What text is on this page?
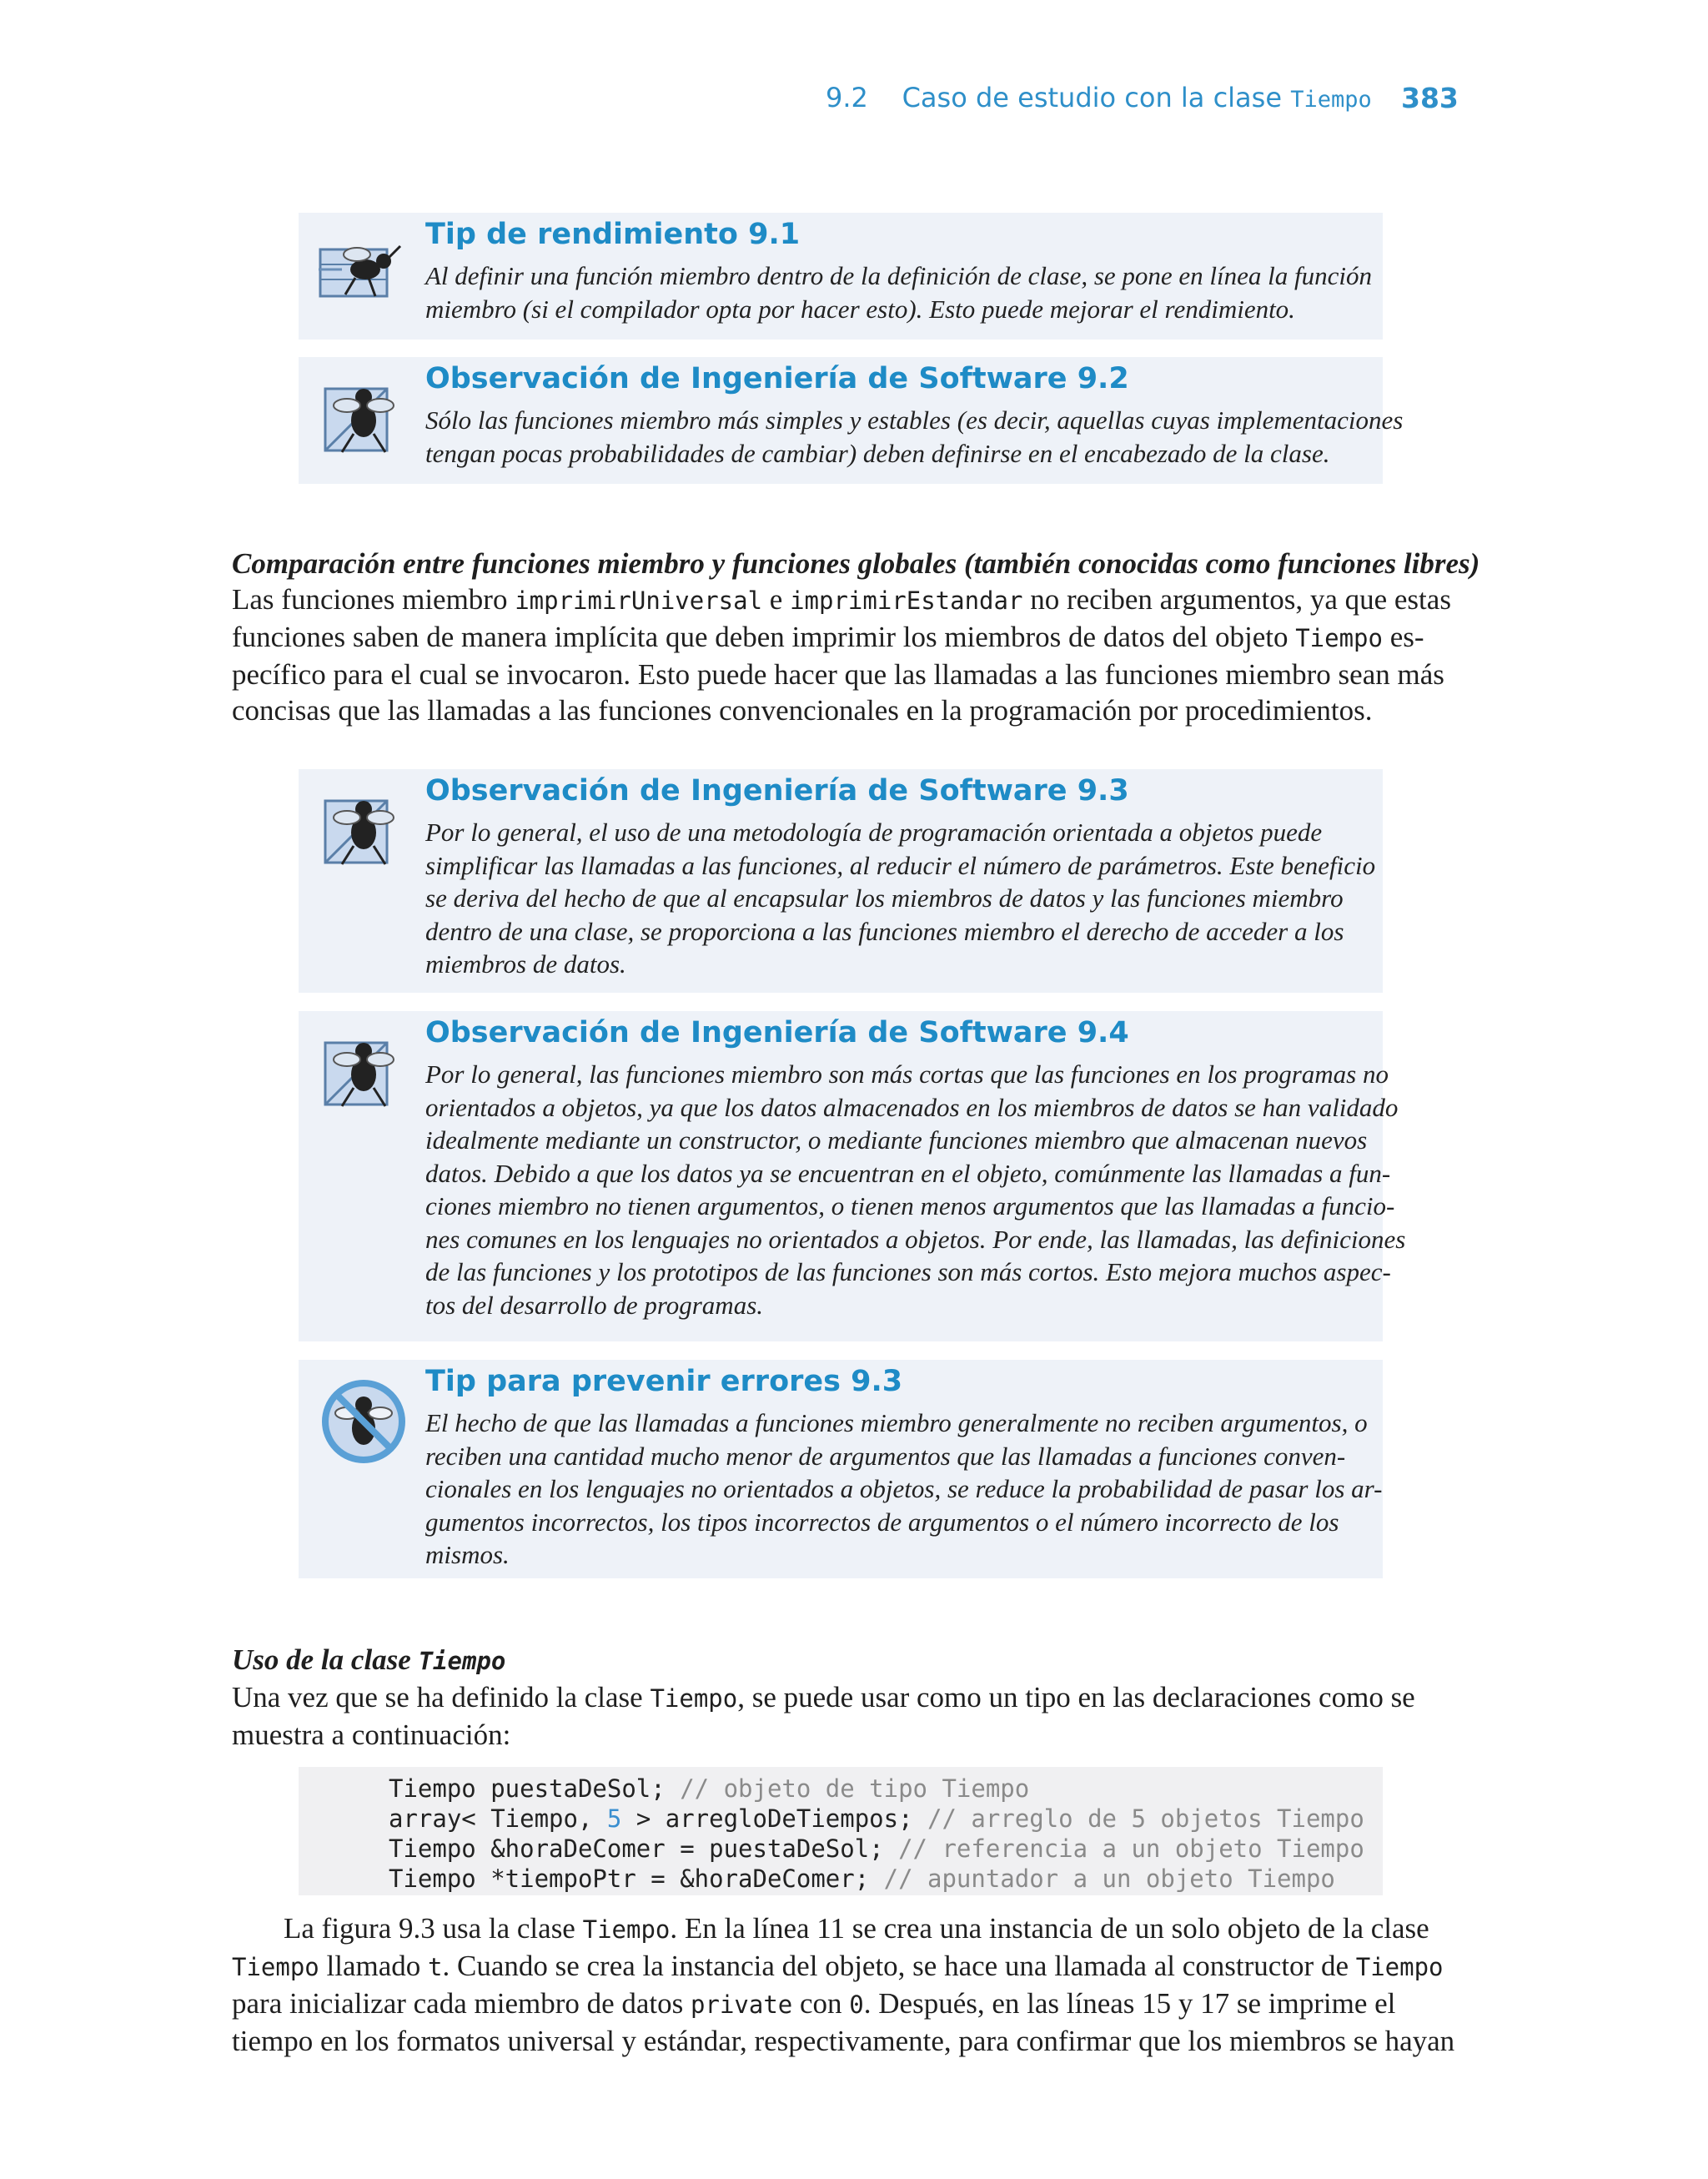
9.2 Caso de estudio con la clase Tiempo 383
Tip de rendimiento 9.1

Al definir una función miembro dentro de la definición de clase, se pone en línea la función
miembro (si el compilador opta por hacer esto). Esto puede mejorar el rendimiento.

Observación de Ingeniería de Software 9.2

Sólo las funciones miembro más simples y estables (es decir, aquellas cuyas implementaciones
tengan pocas probabilidades de cambiar) deben definirse en el encabezado de la clase.

Comparación entre funciones miembro y funciones globales (también conocidas como funciones libres)
Las funciones miembro imprimirUniversal e imprimirEstandar no reciben argumentos, ya que estas
funciones saben de manera implícita que deben imprimir los miembros de datos del objeto Tiempo es-
pecífico para el cual se invocaron. Esto puede hacer que las llamadas a las funciones miembro sean más
concisas que las llamadas a las funciones convencionales en la programación por procedimientos.
Observación de Ingeniería de Software 9.3

Por lo general, el uso de una metodología de programación orientada a objetos puede
simplificar las llamadas a las funciones, al reducir el número de parámetros. Este beneficio
se deriva del hecho de que al encapsular los miembros de datos y las funciones miembro
dentro de una clase, se proporciona a las funciones miembro el derecho de acceder a los
miembros de datos.

Observación de Ingeniería de Software 9.4

Por lo general, las funciones miembro son más cortas que las funciones en los programas no
orientados a objetos, ya que los datos almacenados en los miembros de datos se han validado
idealmente mediante un constructor, o mediante funciones miembro que almacenan nuevos
datos. Debido a que los datos ya se encuentran en el objeto, comúnmente las llamadas a fun-
ciones miembro no tienen argumentos, o tienen menos argumentos que las llamadas a funcio-
nes comunes en los lenguajes no orientados a objetos. Por ende, las llamadas, las definiciones
de las funciones y los prototipos de las funciones son más cortos. Esto mejora muchos aspec-
tos del desarrollo de programas.

Tip para prevenir errores 9.3

El hecho de que las llamadas a funciones miembro generalmente no reciben argumentos, o
reciben una cantidad mucho menor de argumentos que las llamadas a funciones conven-
cionales en los lenguajes no orientados a objetos, se reduce la probabilidad de pasar los ar-
gumentos incorrectos, los tipos incorrectos de argumentos o el número incorrecto de los
mismos.

Uso de la clase Tiempo
Una vez que se ha definido la clase Tiempo, se puede usar como un tipo en las declaraciones como se
muestra a continuación:
Tiempo puestaDeSol; // objeto de tipo Tiempo
array< Tiempo, 5 > arregloDeTiempos; // arreglo de 5 objetos Tiempo
Tiempo &horaDeComer = puestaDeSol; // referencia a un objeto Tiempo
Tiempo *tiempoPtr = &horaDeComer; // apuntador a un objeto Tiempo
La figura 9.3 usa la clase Tiempo. En la línea 11 se crea una instancia de un solo objeto de la clase
Tiempo llamado t. Cuando se crea la instancia del objeto, se hace una llamada al constructor de Tiempo
para inicializar cada miembro de datos private con 0. Después, en las líneas 15 y 17 se imprime el
tiempo en los formatos universal y estándar, respectivamente, para confirmar que los miembros se hayan
